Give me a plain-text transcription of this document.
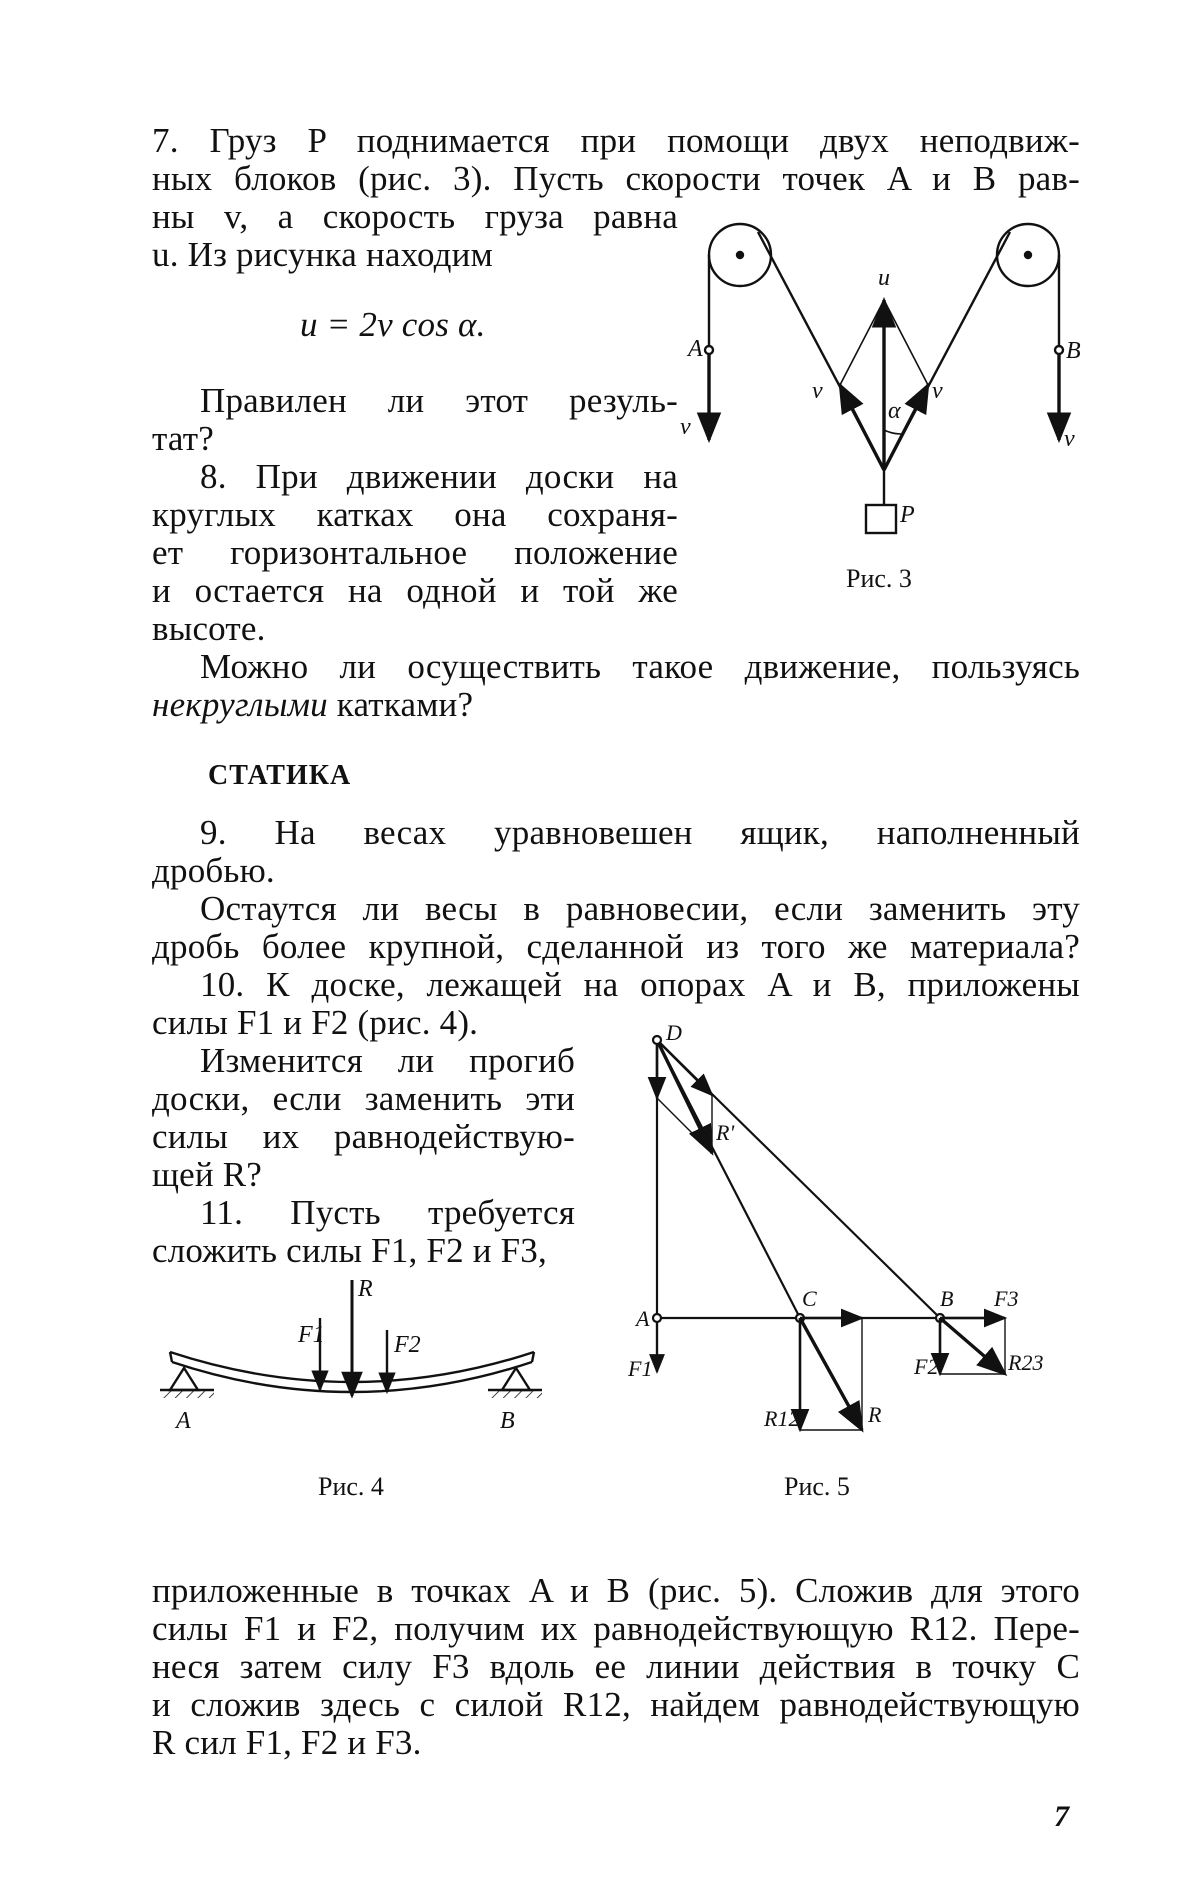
7. Груз P поднимается при помощи двух неподвиж-
ных блоков (рис. 3). Пусть скорости точек A и B рав-
ны v, а скорость груза равна
u. Из рисунка находим
u = 2v cos α.
Правилен ли этот резуль-
тат?
8. При движении доски на
круглых катках она сохраня-
ет горизонтальное положение
и остается на одной и той же
высоте.
Можно ли осуществить такое движение, пользуясь
некруглыми катками?
СТАТИКА
9. На весах уравновешен ящик, наполненный
дробью.
Остаутся ли весы в равновесии, если заменить эту
дробь более крупной, сделанной из того же материала?
10. К доске, лежащей на опорах A и B, приложены
силы F1 и F2 (рис. 4).
Изменится ли прогиб
доски, если заменить эти
силы их равнодействую-
щей R?
11. Пусть требуется
сложить силы F1, F2 и F3,
приложенные в точках A и B (рис. 5). Сложив для этого
силы F1 и F2, получим их равнодействующую R12. Пере-
неся затем силу F3 вдоль ее линии действия в точку C
и сложив здесь с силой R12, найдем равнодействующую
R сил F1, F2 и F3.
Рис. 3
Рис. 4	Рис. 5
7
u
A	B
v	v
v	v
α
P
R
F1	F2
A	B
D
R'
A
C	B F3
F1	F2	R23
R12	R
